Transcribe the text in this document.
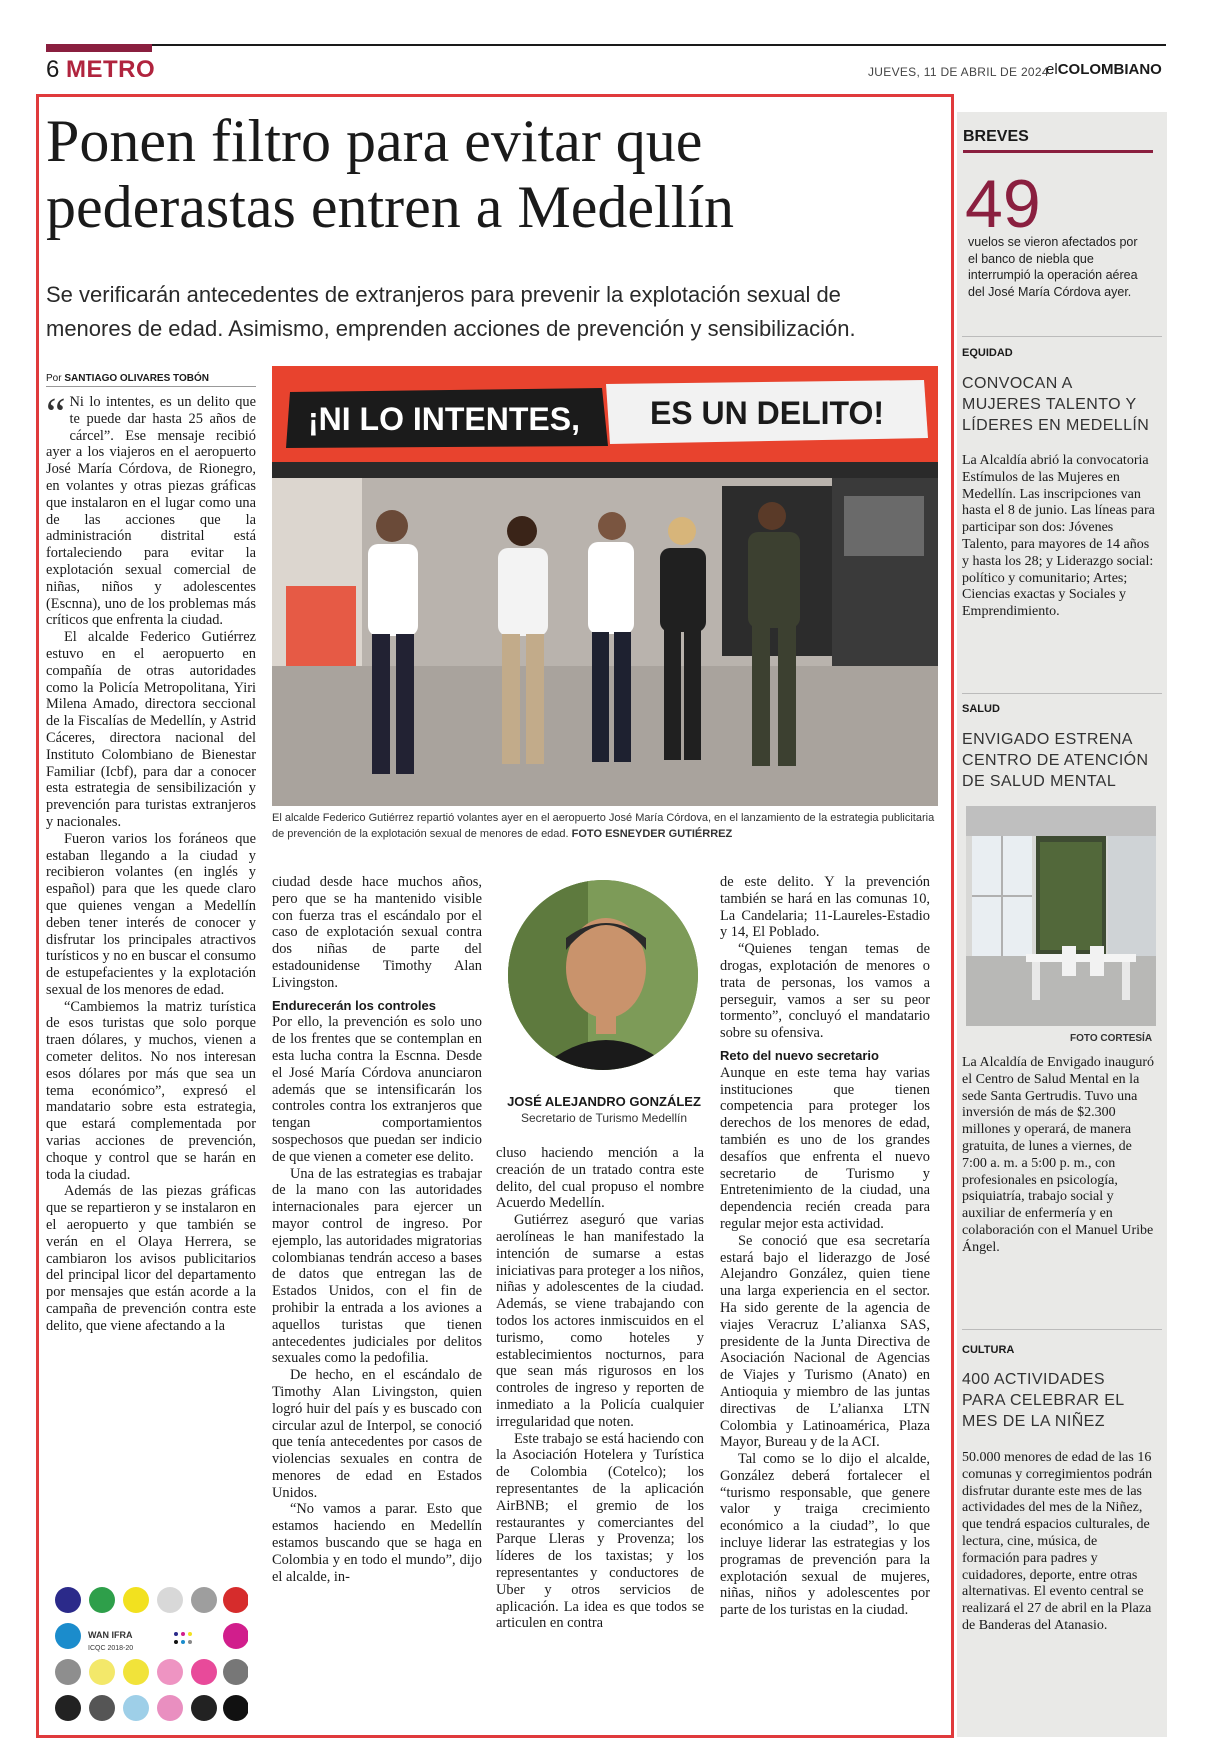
6 METRO	JUEVES, 11 DE ABRIL DE 2024
elCOLOMBIANO
Ponen filtro para evitar que pederastas entren a Medellín
Se verificarán antecedentes de extranjeros para prevenir la explotación sexual de menores de edad. Asimismo, emprenden acciones de prevención y sensibilización.
Por SANTIAGO OLIVARES TOBÓN

“ Ni lo intentes, es un delito que te puede dar hasta 25 años de cárcel”. Ese mensaje recibió ayer a los viajeros en el aeropuerto José María Córdova, de Rionegro, en volantes y otras piezas gráficas que instalaron en el lugar como una de las acciones que la administración distrital está fortaleciendo para evitar la explotación sexual comercial de niñas, niños y adolescentes (Escnna), uno de los problemas más críticos que enfrenta la ciudad.

El alcalde Federico Gutiérrez estuvo en el aeropuerto en compañía de otras autoridades como la Policía Metropolitana, Yiri Milena Amado, directora seccional de la Fiscalías de Medellín, y Astrid Cáceres, directora nacional del Instituto Colombiano de Bienestar Familiar (Icbf), para dar a conocer esta estrategia de sensibilización y prevención para turistas extranjeros y nacionales.

Fueron varios los foráneos que estaban llegando a la ciudad y recibieron volantes (en inglés y español) para que les quede claro que quienes vengan a Medellín deben tener interés de conocer y disfrutar los principales atractivos turísticos y no en buscar el consumo de estupefacientes y la explotación sexual de los menores de edad.

“Cambiemos la matriz turística de esos turistas que solo porque traen dólares, y muchos, vienen a cometer delitos. No nos interesan esos dólares por más que sea un tema económico”, expresó el mandatario sobre esta estrategia, que estará complementada por varias acciones de prevención, choque y control que se harán en toda la ciudad.

Además de las piezas gráficas que se repartieron y se instalaron en el aeropuerto y que también se verán en el Olaya Herrera, se cambiaron los avisos publicitarios del principal licor del departamento por mensajes que están acorde a la campaña de prevención contra este delito, que viene afectando a la

WAN IFRA
ICQC 2018-20
¡NI LO INTENTES, ES UN DELITO!
El alcalde Federico Gutiérrez repartió volantes ayer en el aeropuerto José María Córdova, en el lanzamiento de la estrategia publicitaria de prevención de la explotación sexual de menores de edad. FOTO ESNEYDER GUTIÉRREZ

ciudad desde hace muchos años, pero que se ha mantenido visible con fuerza tras el escándalo por el caso de explotación sexual contra dos niñas de parte del estadounidense Timothy Alan Livingston.

Endurecerán los controles

Por ello, la prevención es solo uno de los frentes que se contemplan en esta lucha contra la Escnna. Desde el José María Córdova anunciaron además que se intensificarán los controles contra los extranjeros que tengan comportamientos sospechosos que puedan ser indicio de que vienen a cometer ese delito.

Una de las estrategias es trabajar de la mano con las autoridades internacionales para ejercer un mayor control de ingreso. Por ejemplo, las autoridades migratorias colombianas tendrán acceso a bases de datos que entregan las de Estados Unidos, con el fin de prohibir la entrada a los aviones a aquellos turistas que tienen antecedentes judiciales por delitos sexuales como la pedofilia.

De hecho, en el escándalo de Timothy Alan Livingston, quien logró huir del país y es buscado con circular azul de Interpol, se conoció que tenía antecedentes por casos de violencias sexuales en contra de menores de edad en Estados Unidos.

“No vamos a parar. Esto que estamos haciendo en Medellín estamos buscando que se haga en Colombia y en todo el mundo”, dijo el alcalde, in-

JOSÉ ALEJANDRO GONZÁLEZ
Secretario de Turismo Medellín

cluso haciendo mención a la creación de un tratado contra este delito, del cual propuso el nombre Acuerdo Medellín.

Gutiérrez aseguró que varias aerolíneas le han manifestado la intención de sumarse a estas iniciativas para proteger a los niños, niñas y adolescentes de la ciudad. Además, se viene trabajando con todos los actores inmiscuidos en el turismo, como hoteles y establecimientos nocturnos, para que sean más rigurosos en los controles de ingreso y reporten de inmediato a la Policía cualquier irregularidad que noten.

Este trabajo se está haciendo con la Asociación Hotelera y Turística de Colombia (Cotelco); los representantes de la aplicación AirBNB; el gremio de los restaurantes y comerciantes del Parque Lleras y Provenza; los líderes de los taxistas; y los representantes y conductores de Uber y otros servicios de aplicación. La idea es que todos se articulen en contra

de este delito. Y la prevención también se hará en las comunas 10, La Candelaria; 11-Laureles-Estadio y 14, El Poblado.

“Quienes tengan temas de drogas, explotación de menores o trata de personas, los vamos a perseguir, vamos a ser su peor tormento”, concluyó el mandatario sobre su ofensiva.

Reto del nuevo secretario

Aunque en este tema hay varias instituciones que tienen competencia para proteger los derechos de los menores de edad, también es uno de los grandes desafíos que enfrenta el nuevo secretario de Turismo y Entretenimiento de la ciudad, una dependencia recién creada para regular mejor esta actividad.

Se conoció que esa secretaría estará bajo el liderazgo de José Alejandro González, quien tiene una larga experiencia en el sector. Ha sido gerente de la agencia de viajes Veracruz L’alianxa SAS, presidente de la Junta Directiva de Asociación Nacional de Agencias de Viajes y Turismo (Anato) en Antioquia y miembro de las juntas directivas de L’alianxa LTN Colombia y Latinoamérica, Plaza Mayor, Bureau y de la ACI.

Tal como se lo dijo el alcalde, González deberá fortalecer el “turismo responsable, que genere valor y traiga crecimiento económico a la ciudad”, lo que incluye liderar las estrategias y los programas de prevención para la explotación sexual de mujeres, niñas, niños y adolescentes por parte de los turistas en la ciudad.

BREVES
49
vuelos se vieron afectados por el banco de niebla que interrumpió la operación aérea del José María Córdova ayer.
EQUIDAD
CONVOCAN A MUJERES TALENTO Y LÍDERES EN MEDELLÍN
La Alcaldía abrió la convocatoria Estímulos de las Mujeres en Medellín. Las inscripciones van hasta el 8 de junio. Las líneas para participar son dos: Jóvenes Talento, para mayores de 14 años y hasta los 28; y Liderazgo social: político y comunitario; Artes; Ciencias exactas y Sociales y Emprendimiento.
SALUD
ENVIGADO ESTRENA CENTRO DE ATENCIÓN DE SALUD MENTAL
FOTO CORTESÍA
La Alcaldía de Envigado inauguró el Centro de Salud Mental en la sede Santa Gertrudis. Tuvo una inversión de más de $2.300 millones y operará, de manera gratuita, de lunes a viernes, de 7:00 a. m. a 5:00 p. m., con profesionales en psicología, psiquiatría, trabajo social y auxiliar de enfermería y en colaboración con el Manuel Uribe Ángel.
CULTURA
400 ACTIVIDADES PARA CELEBRAR EL MES DE LA NIÑEZ
50.000 menores de edad de las 16 comunas y corregimientos podrán disfrutar durante este mes de las actividades del mes de la Niñez, que tendrá espacios culturales, de lectura, cine, música, de formación para padres y cuidadores, deporte, entre otras alternativas. El evento central se realizará el 27 de abril en la Plaza de Banderas del Atanasio.
